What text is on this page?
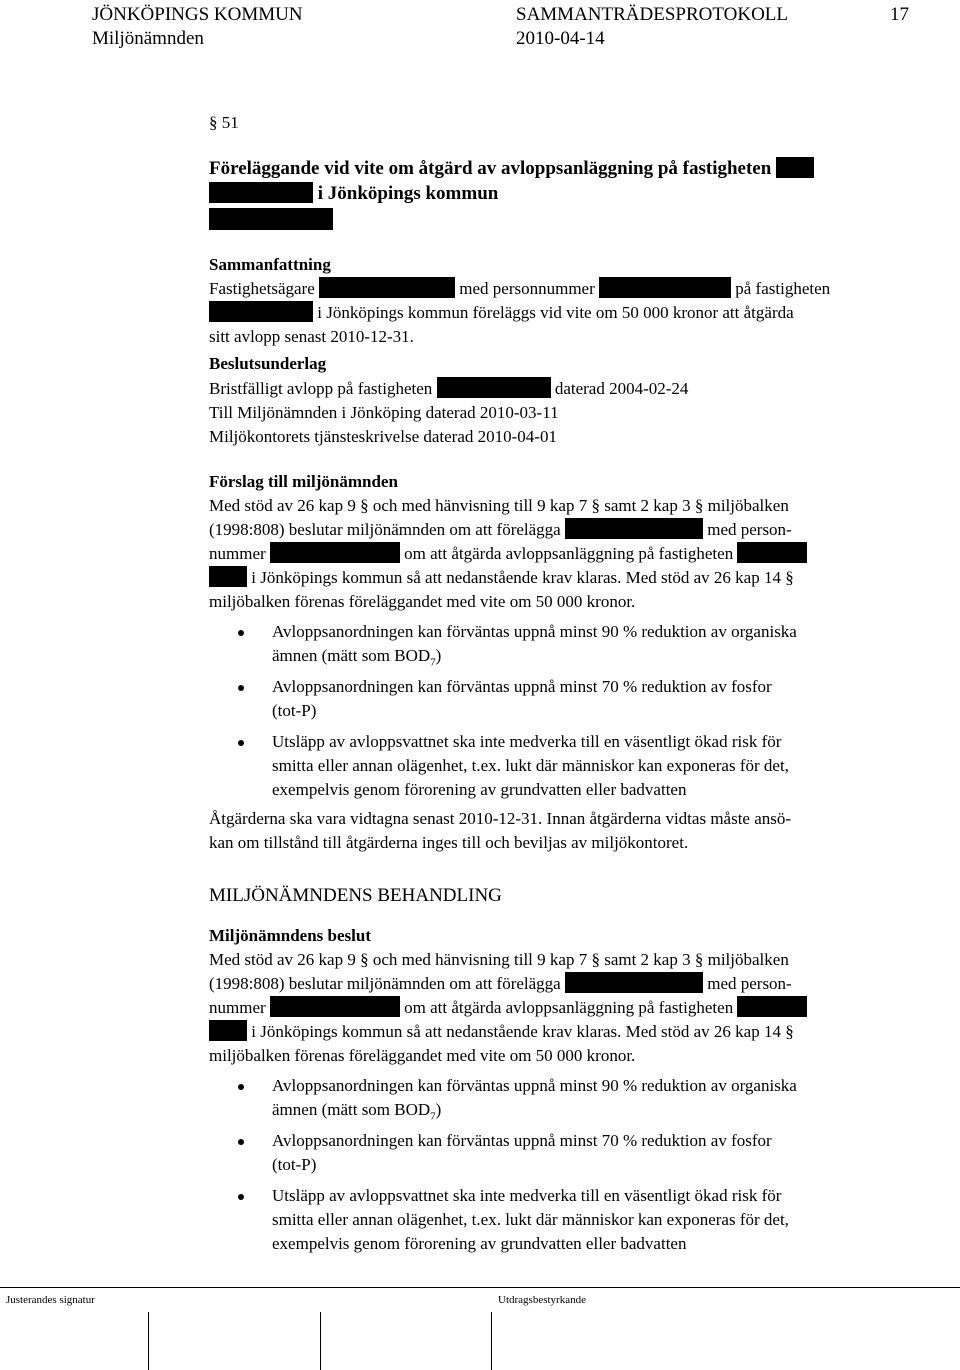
JÖNKÖPINGS KOMMUN	SAMMANTRÄDESPROTOKOLL	17
Miljönämnden	2010-04-14
§ 51
Föreläggande vid vite om åtgärd av avloppsanläggning på fastigheten
i Jönköpings kommun
Sammanfattning
Fastighetsägare	med personnummer	på fastigheten
i Jönköpings kommun föreläggs vid vite om 50 000 kronor att åtgärda
sitt avlopp senast 2010-12-31.
Beslutsunderlag
Bristfälligt avlopp på fastigheten	daterad 2004-02-24
Till Miljönämnden i Jönköping daterad 2010-03-11
Miljökontorets tjänsteskrivelse daterad 2010-04-01
Förslag till miljönämnden
Med stöd av 26 kap 9 § och med hänvisning till 9 kap 7 § samt 2 kap 3 § miljöbalken
(1998:808) beslutar miljönämnden om att förelägga	med person-
nummer	om att åtgärda avloppsanläggning på fastigheten
i Jönköpings kommun så att nedanstående krav klaras. Med stöd av 26 kap 14 §
miljöbalken förenas föreläggandet med vite om 50 000 kronor.
Avloppsanordningen kan förväntas uppnå minst 90 % reduktion av organiska
ämnen (mätt som $BOD_7$)
Avloppsanordningen kan förväntas uppnå minst 70 % reduktion av fosfor
(tot-P)
Utsläpp av avloppsvattnet ska inte medverka till en väsentligt ökad risk för
smitta eller annan olägenhet, t.ex. lukt där människor kan exponeras för det,
exempelvis genom förorening av grundvatten eller badvatten
Åtgärderna ska vara vidtagna senast 2010-12-31. Innan åtgärderna vidtas måste ansö-
kan om tillstånd till åtgärderna inges till och beviljas av miljökontoret.
MILJÖNÄMNDENS BEHANDLING
Miljönämndens beslut
Med stöd av 26 kap 9 § och med hänvisning till 9 kap 7 § samt 2 kap 3 § miljöbalken
(1998:808) beslutar miljönämnden om att förelägga	med person-
nummer	om att åtgärda avloppsanläggning på fastigheten
i Jönköpings kommun så att nedanstående krav klaras. Med stöd av 26 kap 14 §
miljöbalken förenas föreläggandet med vite om 50 000 kronor.
Avloppsanordningen kan förväntas uppnå minst 90 % reduktion av organiska
ämnen (mätt som $BOD_7$)
Avloppsanordningen kan förväntas uppnå minst 70 % reduktion av fosfor
(tot-P)
Utsläpp av avloppsvattnet ska inte medverka till en väsentligt ökad risk för
smitta eller annan olägenhet, t.ex. lukt där människor kan exponeras för det,
exempelvis genom förorening av grundvatten eller badvatten
Justerandes signatur	Utdragsbestyrkande
